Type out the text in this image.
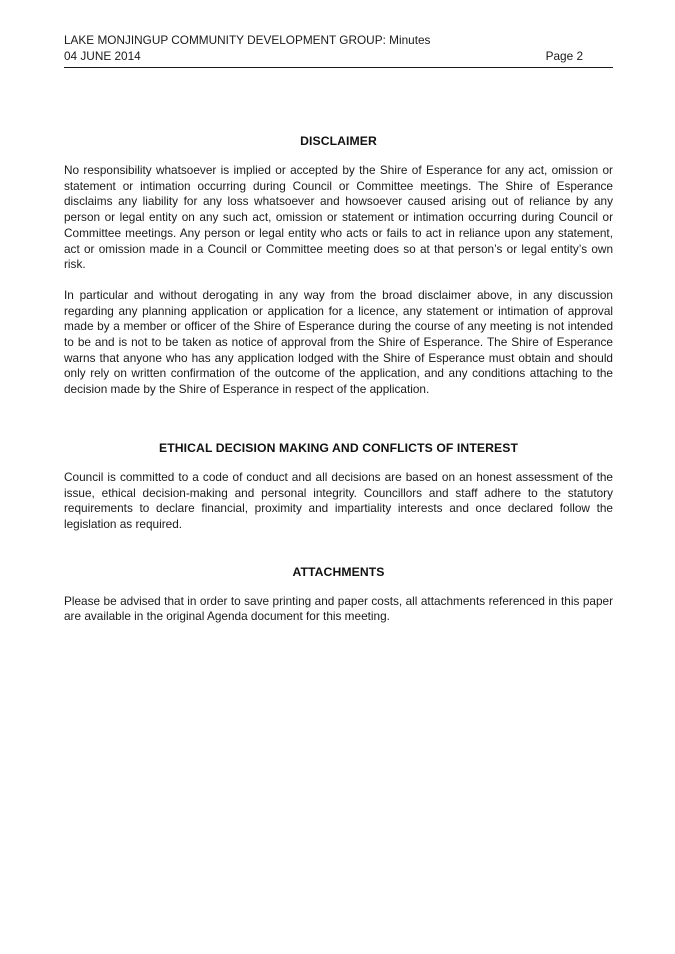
LAKE MONJINGUP COMMUNITY DEVELOPMENT GROUP: Minutes
04 JUNE 2014	Page 2
DISCLAIMER

No responsibility whatsoever is implied or accepted by the Shire of Esperance for any act, omission or statement or intimation occurring during Council or Committee meetings. The Shire of Esperance disclaims any liability for any loss whatsoever and howsoever caused arising out of reliance by any person or legal entity on any such act, omission or statement or intimation occurring during Council or Committee meetings. Any person or legal entity who acts or fails to act in reliance upon any statement, act or omission made in a Council or Committee meeting does so at that person’s or legal entity’s own risk.

In particular and without derogating in any way from the broad disclaimer above, in any discussion regarding any planning application or application for a licence, any statement or intimation of approval made by a member or officer of the Shire of Esperance during the course of any meeting is not intended to be and is not to be taken as notice of approval from the Shire of Esperance. The Shire of Esperance warns that anyone who has any application lodged with the Shire of Esperance must obtain and should only rely on written confirmation of the outcome of the application, and any conditions attaching to the decision made by the Shire of Esperance in respect of the application.

ETHICAL DECISION MAKING AND CONFLICTS OF INTEREST

Council is committed to a code of conduct and all decisions are based on an honest assessment of the issue, ethical decision-making and personal integrity. Councillors and staff adhere to the statutory requirements to declare financial, proximity and impartiality interests and once declared follow the legislation as required.

ATTACHMENTS

Please be advised that in order to save printing and paper costs, all attachments referenced in this paper are available in the original Agenda document for this meeting.
